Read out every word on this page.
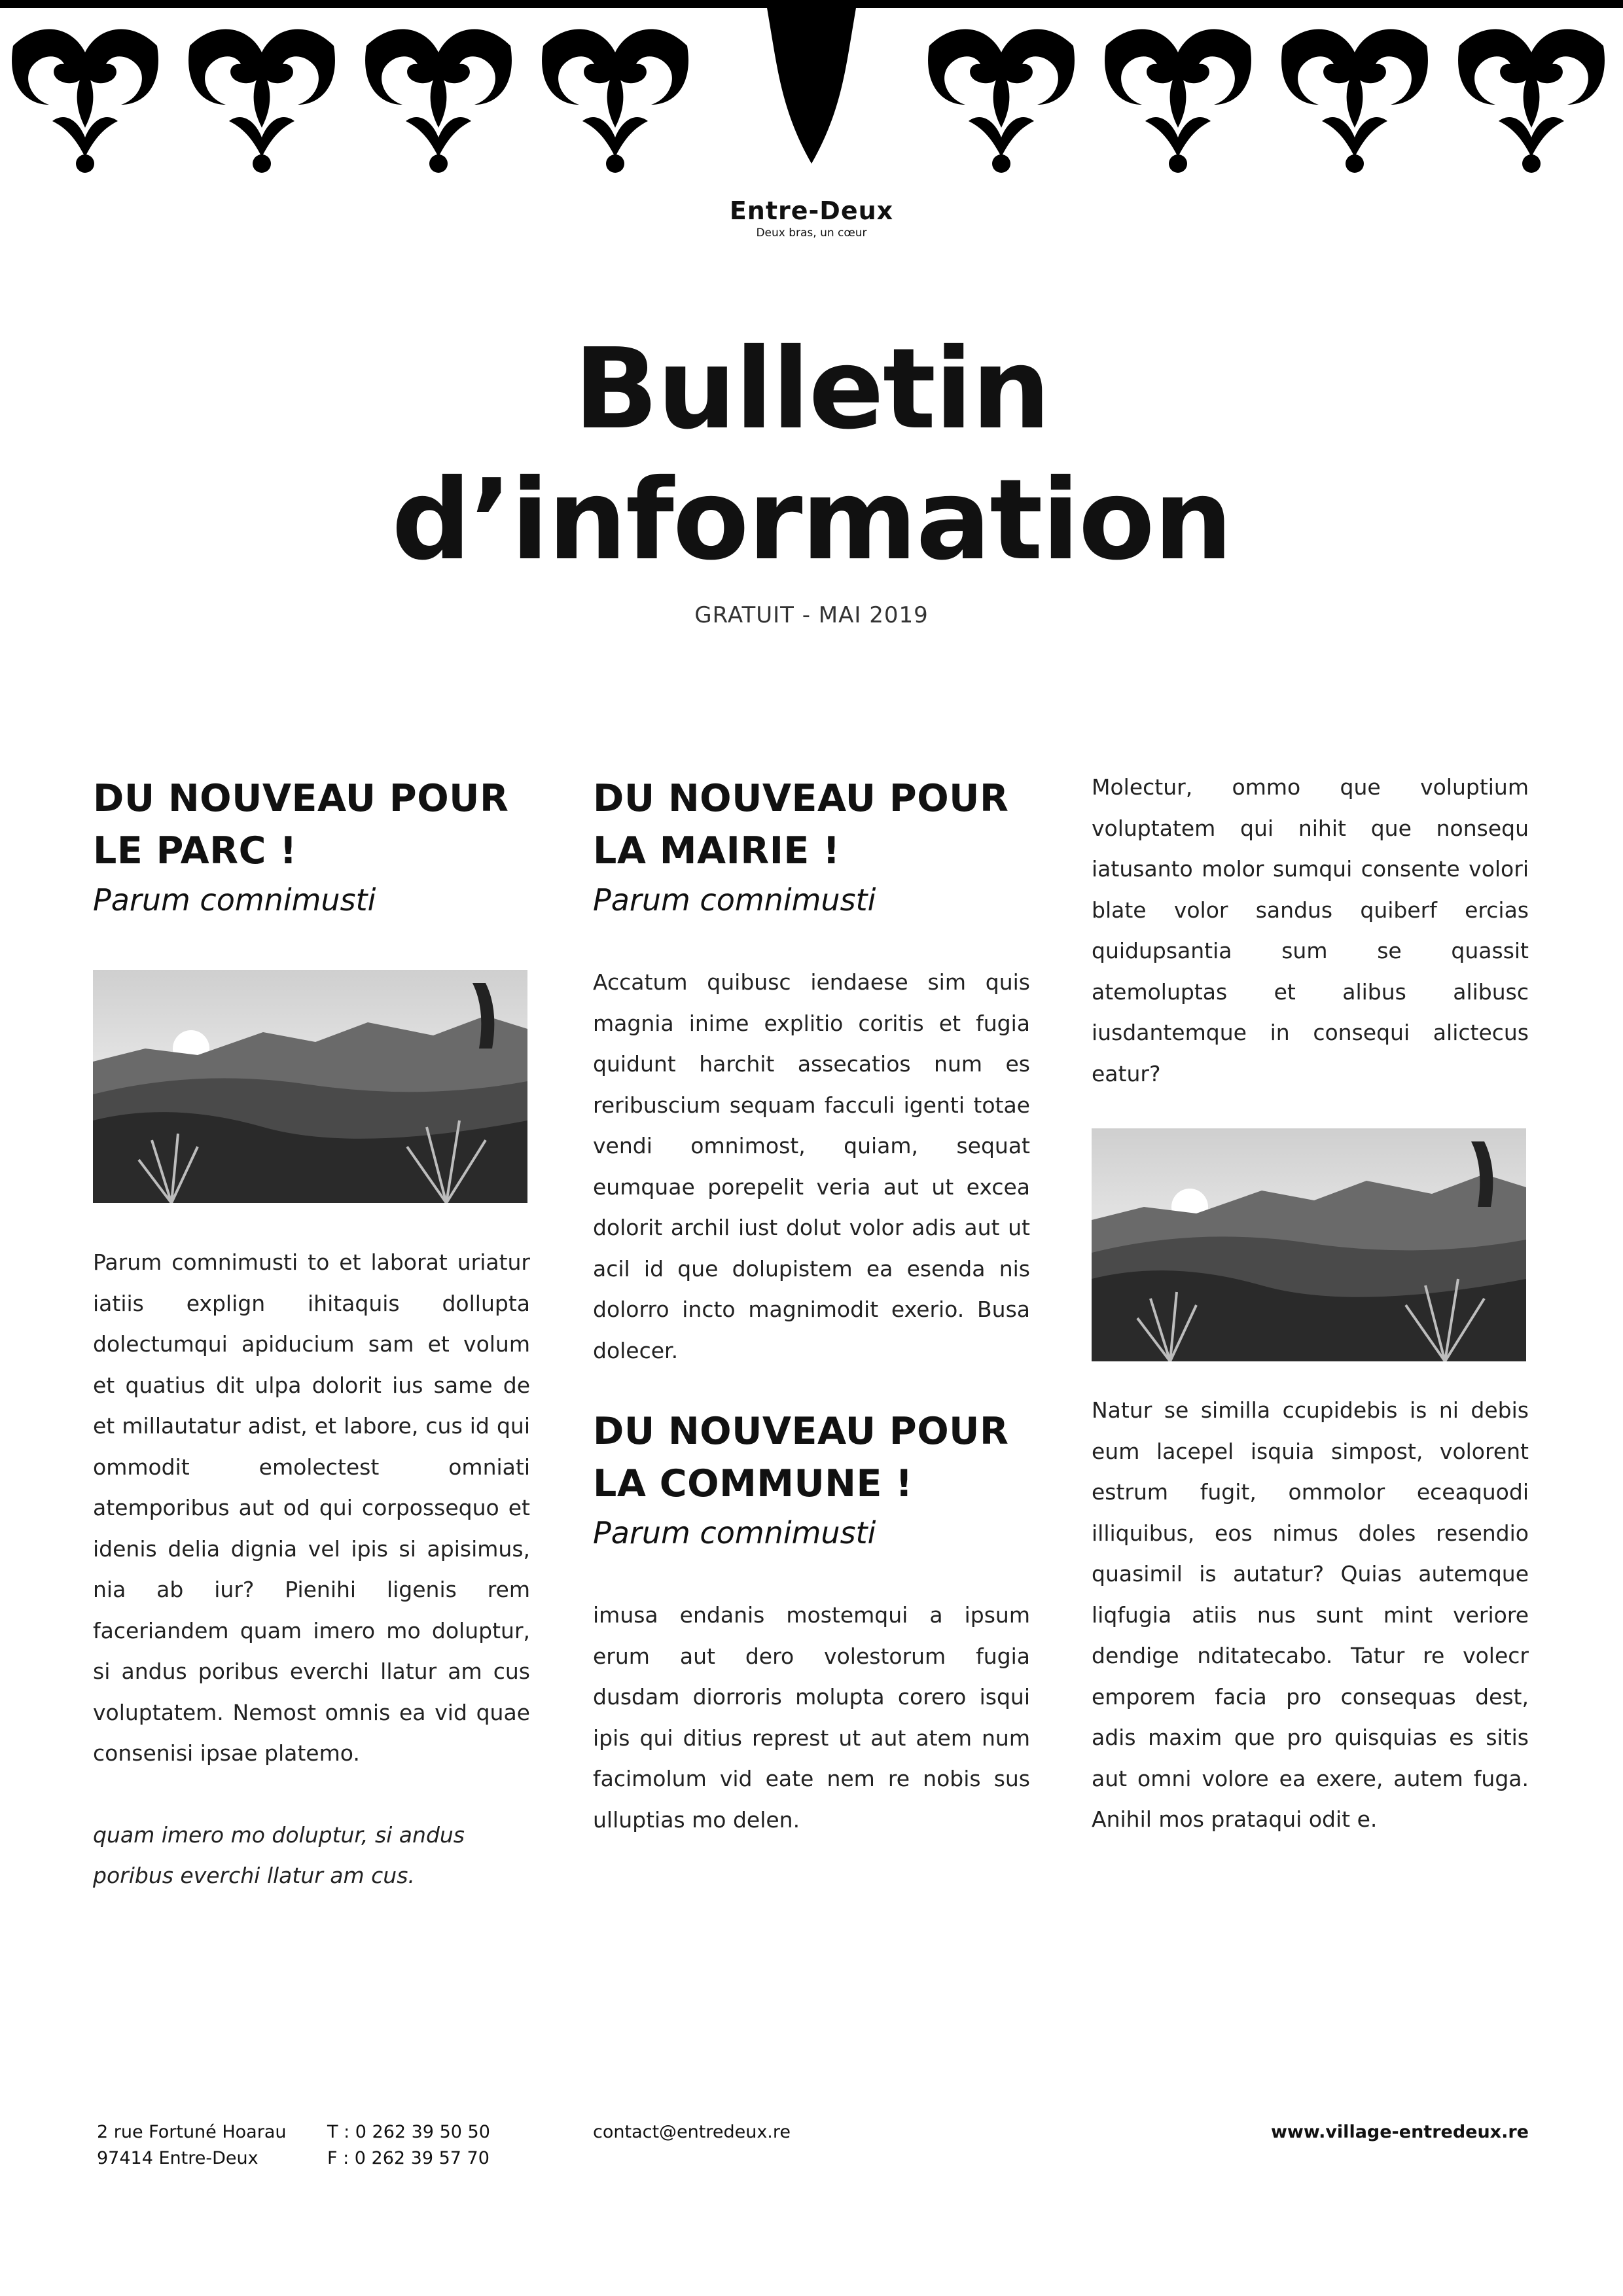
Entre-Deux
Deux bras, un cœur
Bulletin
d’information
GRATUIT - MAI 2019
DU NOUVEAU POUR
LE PARC !

Parum comnimusti

Parum comnimusti to et laborat uriatur iatiis explign ihitaquis dollupta dolectumqui apiducium sam et volum et quatius dit ulpa dolorit ius same de et millautatur adist, et labore, cus id qui ommodit emolectest omniati atemporibus aut od qui corpossequo et idenis delia dignia vel ipis si apisimus, nia ab iur? Pienihi ligenis rem faceriandem quam imero mo doluptur, si andus poribus everchi llatur am cus voluptatem. Nemost omnis ea vid quae consenisi ipsae platemo.

quam imero mo doluptur, si andus poribus everchi llatur am cus.

DU NOUVEAU POUR
LA MAIRIE !

Parum comnimusti

Accatum quibusc iendaese sim quis magnia inime explitio coritis et fugia quidunt harchit assecatios num es reribuscium sequam facculi igenti totae vendi omnimost, quiam, sequat eumquae porepelit veria aut ut excea dolorit archil iust dolut volor adis aut ut acil id que dolupistem ea esenda nis dolorro incto magnimodit exerio. Busa dolecer.

DU NOUVEAU POUR
LA COMMUNE !

Parum comnimusti

imusa endanis mostemqui a ipsum erum aut dero volestorum fugia dusdam diorroris molupta corero isqui ipis qui ditius represt ut aut atem num facimolum vid eate nem re nobis sus ulluptias mo delen.

Molectur, ommo que voluptium voluptatem qui nihit que nonsequ iatusanto molor sumqui consente volori blate volor sandus quiberf ercias quidupsantia sum se quassit atemoluptas et alibus alibusc iusdantemque in consequi alictecus eatur?

Natur se similla ccupidebis is ni debis eum lacepel isquia simpost, volorent estrum fugit, ommolor eceaquodi illiquibus, eos nimus doles resendio quasimil is autatur? Quias autemque liqfugia atiis nus sunt mint veriore dendige nditatecabo. Tatur re volecr emporem facia pro consequas dest, adis maxim que pro quisquias es sitis aut omni volore ea exere, autem fuga. Anihil mos prataqui odit e.

2 rue Fortuné Hoarau
97414 Entre-Deux
T : 0 262 39 50 50
F : 0 262 39 57 70
contact@entredeux.re	www.village-entredeux.re
